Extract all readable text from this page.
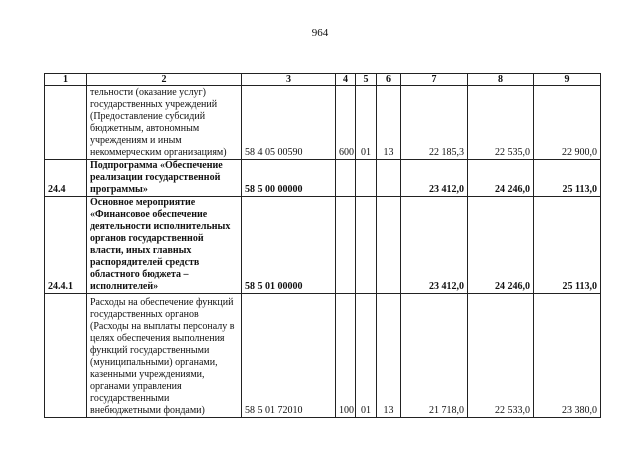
964
1	2	3	4	5	6	7	8	9
	тельности (оказание услуг) государственных учреждений (Предоставление субсидий бюджетным, автономным учреждениям и иным некоммерческим организациям)	58 4 05 00590	600	01	13	22 185,3	22 535,0	22 900,0
24.4	Подпрограмма «Обеспечение реализации государственной программы»	58 5 00 00000				23 412,0	24 246,0	25 113,0
24.4.1	Основное мероприятие «Финансовое обеспечение деятельности исполнительных органов государственной власти, иных главных распорядителей средств областного бюджета – исполнителей»	58 5 01 00000				23 412,0	24 246,0	25 113,0
	Расходы на обеспечение функций государственных органов (Расходы на выплаты персоналу в целях обеспечения выполнения функций государственными (муниципальными) органами, казенными учреждениями, органами управления государственными внебюджетными фондами)	58 5 01 72010	100	01	13	21 718,0	22 533,0	23 380,0
